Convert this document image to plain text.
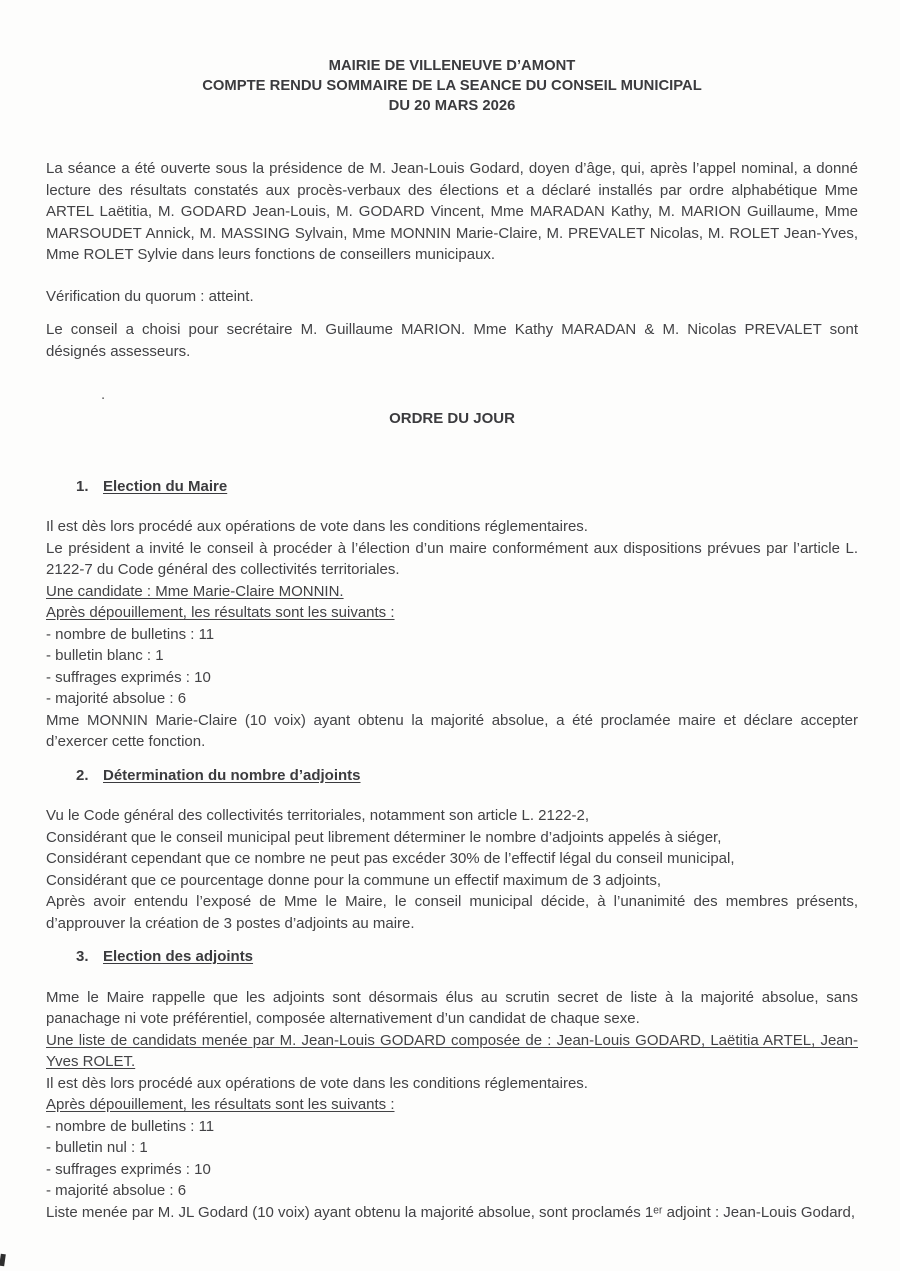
MAIRIE DE VILLENEUVE D’AMONT
COMPTE RENDU SOMMAIRE DE LA SEANCE DU CONSEIL MUNICIPAL
DU 20 MARS 2026

La séance a été ouverte sous la présidence de M. Jean-Louis Godard, doyen d’âge, qui, après l’appel nominal, a donné lecture des résultats constatés aux procès-verbaux des élections et a déclaré installés par ordre alphabétique Mme ARTEL Laëtitia, M. GODARD Jean-Louis, M. GODARD Vincent, Mme MARADAN Kathy, M. MARION Guillaume, Mme MARSOUDET Annick, M. MASSING Sylvain, Mme MONNIN Marie-Claire, M. PREVALET Nicolas, M. ROLET Jean-Yves, Mme ROLET Sylvie dans leurs fonctions de conseillers municipaux.

Vérification du quorum : atteint.

Le conseil a choisi pour secrétaire M. Guillaume MARION. Mme Kathy MARADAN & M. Nicolas PREVALET sont désignés assesseurs.

.
ORDRE DU JOUR
1. Election du Maire

Il est dès lors procédé aux opérations de vote dans les conditions réglementaires.

Le président a invité le conseil à procéder à l’élection d’un maire conformément aux dispositions prévues par l’article L. 2122-7 du Code général des collectivités territoriales.

Une candidate : Mme Marie-Claire MONNIN.

Après dépouillement, les résultats sont les suivants :

- nombre de bulletins : 11

- bulletin blanc : 1

- suffrages exprimés : 10

- majorité absolue : 6

Mme MONNIN Marie-Claire (10 voix) ayant obtenu la majorité absolue, a été proclamée maire et déclare accepter d’exercer cette fonction.

2. Détermination du nombre d’adjoints

Vu le Code général des collectivités territoriales, notamment son article L. 2122-2,

Considérant que le conseil municipal peut librement déterminer le nombre d’adjoints appelés à siéger,

Considérant cependant que ce nombre ne peut pas excéder 30% de l’effectif légal du conseil municipal,

Considérant que ce pourcentage donne pour la commune un effectif maximum de 3 adjoints,

Après avoir entendu l’exposé de Mme le Maire, le conseil municipal décide, à l’unanimité des membres présents, d’approuver la création de 3 postes d’adjoints au maire.

3. Election des adjoints

Mme le Maire rappelle que les adjoints sont désormais élus au scrutin secret de liste à la majorité absolue, sans panachage ni vote préférentiel, composée alternativement d’un candidat de chaque sexe.

Une liste de candidats menée par M. Jean-Louis GODARD composée de : Jean-Louis GODARD, Laëtitia ARTEL, Jean-Yves ROLET.

Il est dès lors procédé aux opérations de vote dans les conditions réglementaires.

Après dépouillement, les résultats sont les suivants :

- nombre de bulletins : 11

- bulletin nul : 1

- suffrages exprimés : 10

- majorité absolue : 6

Liste menée par M. JL Godard (10 voix) ayant obtenu la majorité absolue, sont proclamés 1ᵉʳ adjoint : Jean-Louis Godard,
